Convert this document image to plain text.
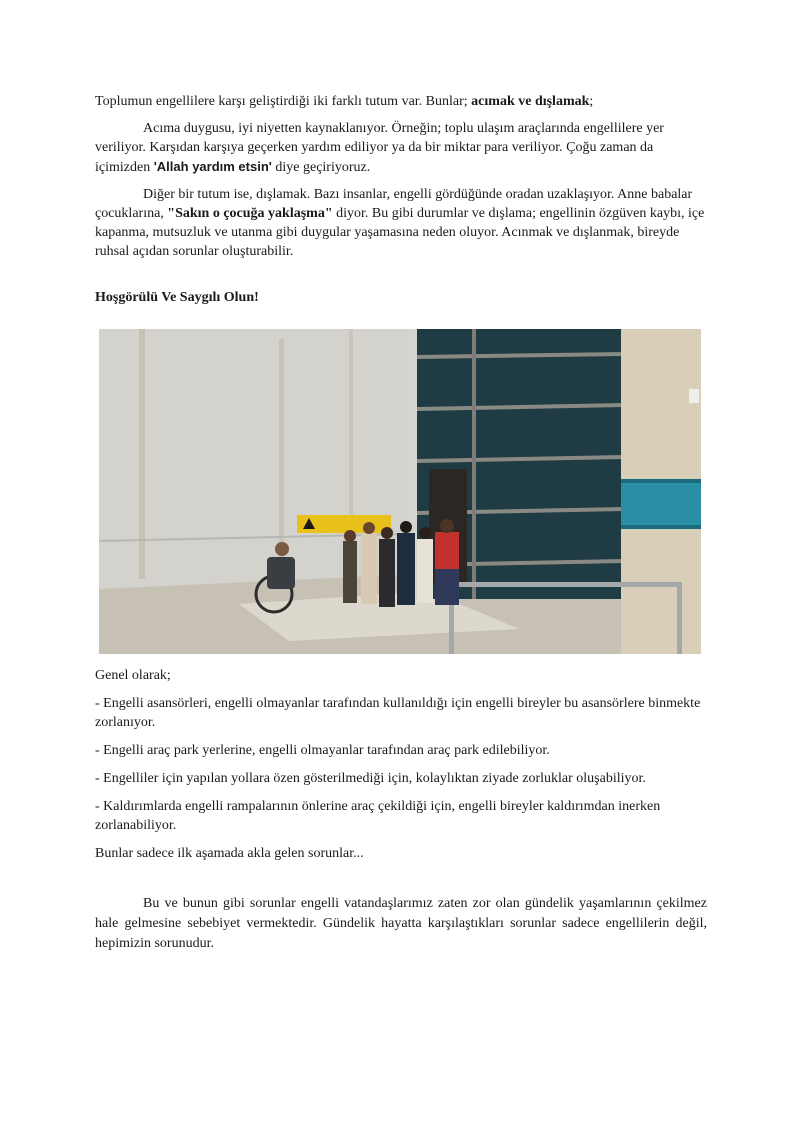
Toplumun engellilere karşı geliştirdiği iki farklı tutum var. Bunlar; acımak ve dışlamak;

Acıma duygusu, iyi niyetten kaynaklanıyor. Örneğin; toplu ulaşım araçlarında engellilere yer veriliyor. Karşıdan karşıya geçerken yardım ediliyor ya da bir miktar para veriliyor. Çoğu zaman da içimizden 'Allah yardım etsin' diye geçiriyoruz.

Diğer bir tutum ise, dışlamak. Bazı insanlar, engelli gördüğünde oradan uzaklaşıyor. Anne babalar çocuklarına, "Sakın o çocuğa yaklaşma" diyor. Bu gibi durumlar ve dışlama; engellinin özgüven kaybı, içe kapanma, mutsuzluk ve utanma gibi duygular yaşamasına neden oluyor. Acınmak ve dışlanmak, bireyde ruhsal açıdan sorunlar oluşturabilir.

Hoşgörülü Ve Saygılı Olun!

Genel olarak;

- Engelli asansörleri, engelli olmayanlar tarafından kullanıldığı için engelli bireyler bu asansörlere binmekte zorlanıyor.

- Engelli araç park yerlerine, engelli olmayanlar tarafından araç park edilebiliyor.

- Engelliler için yapılan yollara özen gösterilmediği için, kolaylıktan ziyade zorluklar oluşabiliyor.

- Kaldırımlarda engelli rampalarının önlerine araç çekildiği için, engelli bireyler kaldırımdan inerken zorlanabiliyor.

Bunlar sadece ilk aşamada akla gelen sorunlar...

Bu ve bunun gibi sorunlar engelli vatandaşlarımız zaten zor olan gündelik yaşamlarının çekilmez hale gelmesine sebebiyet vermektedir. Gündelik hayatta karşılaştıkları sorunlar sadece engellilerin değil, hepimizin sorunudur.
